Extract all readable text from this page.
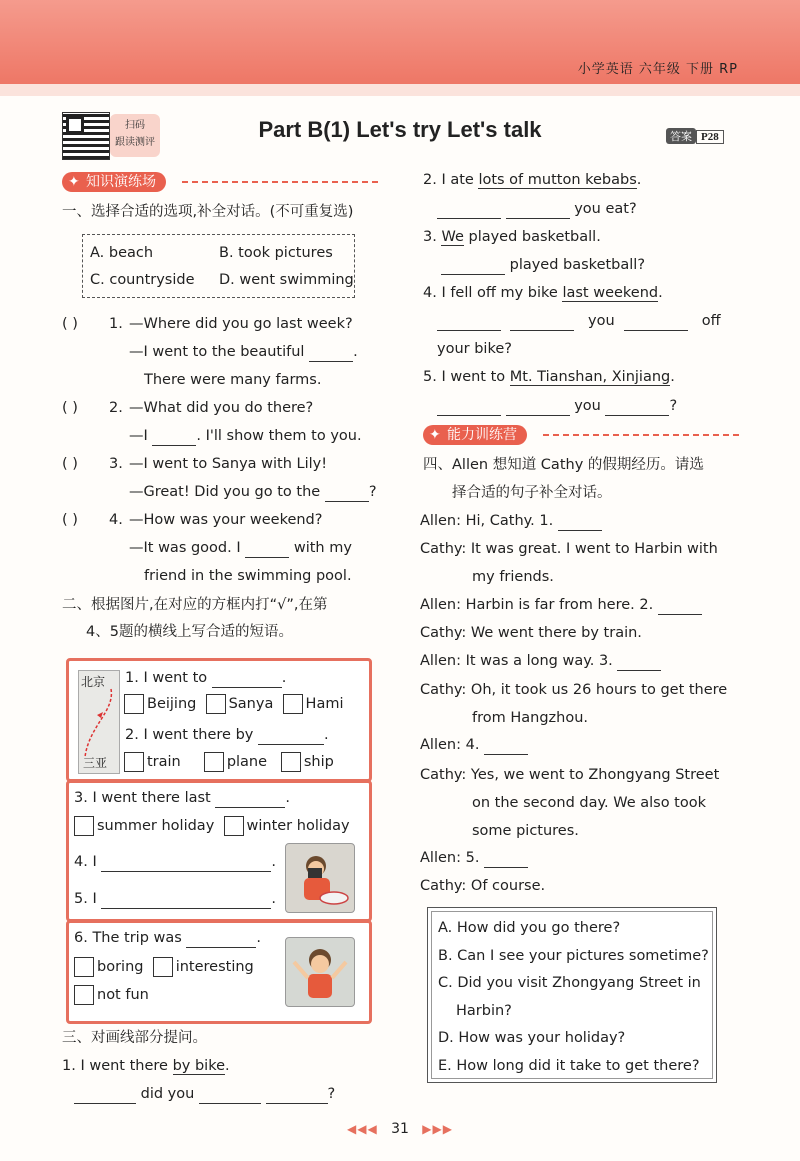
小学英语 六年级 下册 RP
扫码
跟读测评
Part B(1) Let's try Let's talk	答案 P28
✦ 知识演练场
一、选择合适的选项,补全对话。(不可重复选)
A. beach	B. took pictures
C. countryside D. went swimming
( ) 1. —Where did you go last week?
—I went to the beautiful	.
There were many farms.
( ) 2. —What did you do there?
—I	. I'll show them to you.
( ) 3. —I went to Sanya with Lily!
—Great! Did you go to the	?
( ) 4. —How was your weekend?
—It was good. I	with my
friend in the swimming pool.
二、根据图片,在对应的方框内打“√”,在第
4、5题的横线上写合适的短语。
北京
三亚
1. I went to	.
Beijing Sanya Hami
2. I went there by	.
train	plane	ship
3. I went there last	.
summer holiday winter holiday
4. I	.
5. I	.
6. The trip was	.
boring interesting
not fun
三、对画线部分提问。
1. I went there by bike.
did you	?
2. I ate lots of mutton kebabs.
you eat?
3. We played basketball.
played basketball?
4. I fell off my bike last weekend.
you	off
your bike?
5. I went to Mt. Tianshan, Xinjiang.
you	?
✦ 能力训练营
四、Allen 想知道 Cathy 的假期经历。请选
择合适的句子补全对话。
Allen: Hi, Cathy. 1.
Cathy: It was great. I went to Harbin with
my friends.
Allen: Harbin is far from here. 2.
Cathy: We went there by train.
Allen: It was a long way. 3.
Cathy: Oh, it took us 26 hours to get there
from Hangzhou.
Allen: 4.
Cathy: Yes, we went to Zhongyang Street
on the second day. We also took
some pictures.
Allen: 5.
Cathy: Of course.
A. How did you go there?
B. Can I see your pictures sometime?
C. Did you visit Zhongyang Street in
Harbin?
D. How was your holiday?
E. How long did it take to get there?
◀◀◀ 31 ▶▶▶
